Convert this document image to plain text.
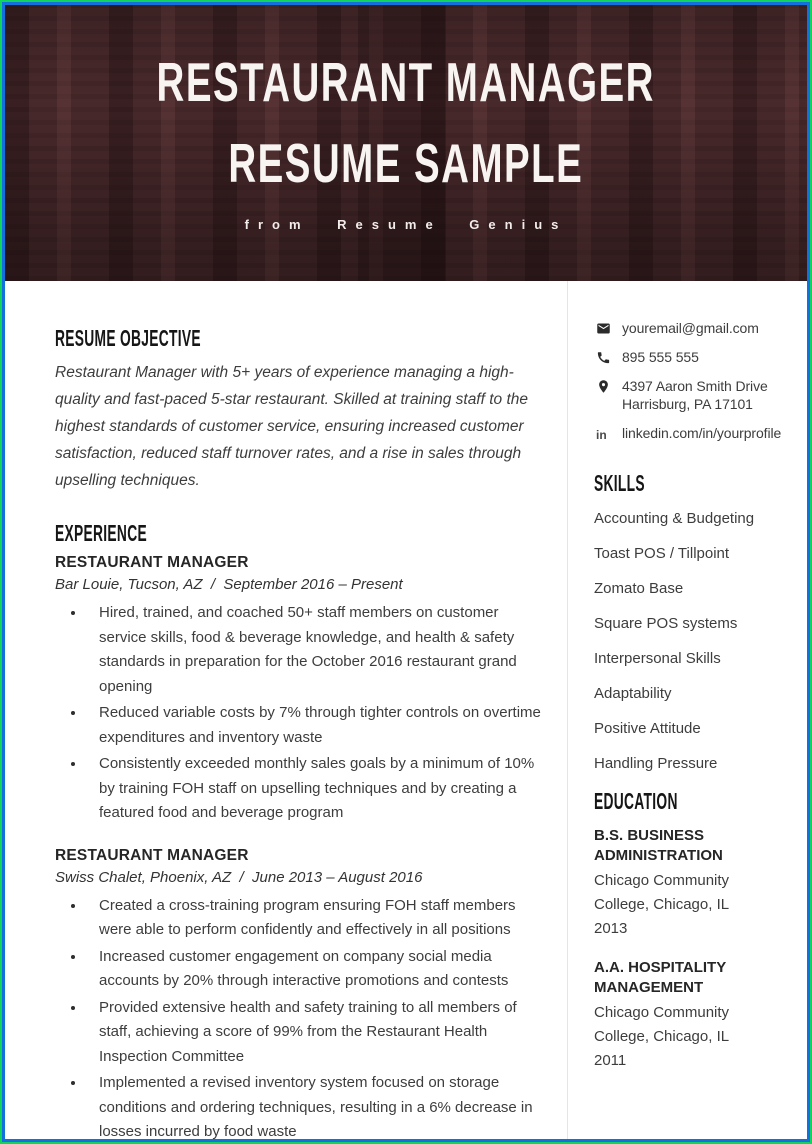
RESTAURANT MANAGER
RESUME SAMPLE
from Resume Genius
RESUME OBJECTIVE

Restaurant Manager with 5+ years of experience managing a high-quality and fast-paced 5-star restaurant. Skilled at training staff to the highest standards of customer service, ensuring increased customer satisfaction, reduced staff turnover rates, and a rise in sales through upselling techniques.

EXPERIENCE
RESTAURANT MANAGER
Bar Louie, Tucson, AZ  /  September 2016 – Present
• Hired, trained, and coached 50+ staff members on customer service skills, food & beverage knowledge, and health & safety standards in preparation for the October 2016 restaurant grand opening
• Reduced variable costs by 7% through tighter controls on overtime expenditures and inventory waste
• Consistently exceeded monthly sales goals by a minimum of 10% by training FOH staff on upselling techniques and by creating a featured food and beverage program
RESTAURANT MANAGER
Swiss Chalet, Phoenix, AZ  /  June 2013 – August 2016
• Created a cross-training program ensuring FOH staff members were able to perform confidently and effectively in all positions
• Increased customer engagement on company social media accounts by 20% through interactive promotions and contests
• Provided extensive health and safety training to all members of staff, achieving a score of 99% from the Restaurant Health Inspection Committee
• Implemented a revised inventory system focused on storage conditions and ordering techniques, resulting in a 6% decrease in losses incurred by food waste
youremail@gmail.com
895 555 555
4397 Aaron Smith Drive
Harrisburg, PA 17101
in	linkedin.com/in/yourprofile
SKILLS
Accounting & Budgeting
Toast POS / Tillpoint
Zomato Base
Square POS systems
Interpersonal Skills
Adaptability
Positive Attitude
Handling Pressure
EDUCATION
B.S. BUSINESS ADMINISTRATION
Chicago Community College, Chicago, IL
2013
A.A. HOSPITALITY MANAGEMENT
Chicago Community College, Chicago, IL
2011
